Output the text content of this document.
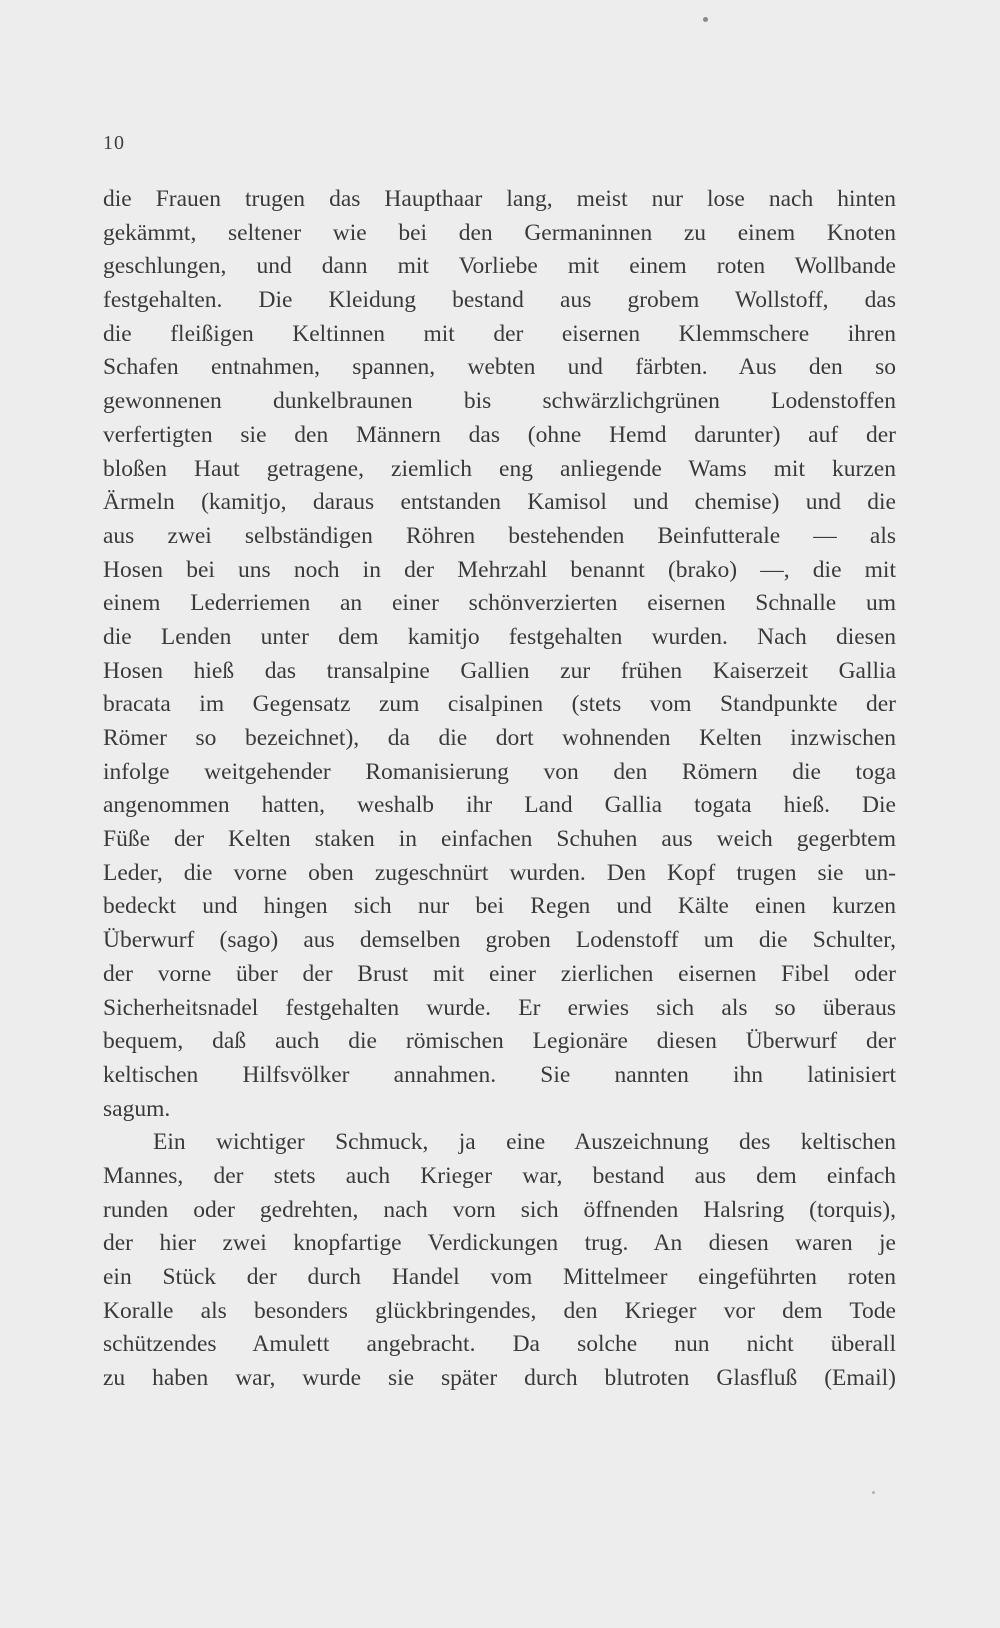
10
die Frauen trugen das Haupthaar lang, meist nur lose nach hinten
gekämmt, seltener wie bei den Germaninnen zu einem Knoten
geschlungen, und dann mit Vorliebe mit einem roten Wollbande
festgehalten. Die Kleidung bestand aus grobem Wollstoff, das
die fleißigen Keltinnen mit der eisernen Klemmschere ihren
Schafen entnahmen, spannen, webten und färbten. Aus den so
gewonnenen dunkelbraunen bis schwärzlichgrünen Lodenstoffen
verfertigten sie den Männern das (ohne Hemd darunter) auf der
bloßen Haut getragene, ziemlich eng anliegende Wams mit kurzen
Ärmeln (kamitjo, daraus entstanden Kamisol und chemise) und die
aus zwei selbständigen Röhren bestehenden Beinfutterale — als
Hosen bei uns noch in der Mehrzahl benannt (brako) —, die mit
einem Lederriemen an einer schönverzierten eisernen Schnalle um
die Lenden unter dem kamitjo festgehalten wurden. Nach diesen
Hosen hieß das transalpine Gallien zur frühen Kaiserzeit Gallia
bracata im Gegensatz zum cisalpinen (stets vom Standpunkte der
Römer so bezeichnet), da die dort wohnenden Kelten inzwischen
infolge weitgehender Romanisierung von den Römern die toga
angenommen hatten, weshalb ihr Land Gallia togata hieß. Die
Füße der Kelten staken in einfachen Schuhen aus weich gegerbtem
Leder, die vorne oben zugeschnürt wurden. Den Kopf trugen sie un-
bedeckt und hingen sich nur bei Regen und Kälte einen kurzen
Überwurf (sago) aus demselben groben Lodenstoff um die Schulter,
der vorne über der Brust mit einer zierlichen eisernen Fibel oder
Sicherheitsnadel festgehalten wurde. Er erwies sich als so überaus
bequem, daß auch die römischen Legionäre diesen Überwurf der
keltischen Hilfsvölker annahmen. Sie nannten ihn latinisiert
sagum.
Ein wichtiger Schmuck, ja eine Auszeichnung des keltischen
Mannes, der stets auch Krieger war, bestand aus dem einfach
runden oder gedrehten, nach vorn sich öffnenden Halsring (torquis),
der hier zwei knopfartige Verdickungen trug. An diesen waren je
ein Stück der durch Handel vom Mittelmeer eingeführten roten
Koralle als besonders glückbringendes, den Krieger vor dem Tode
schützendes Amulett angebracht. Da solche nun nicht überall
zu haben war, wurde sie später durch blutroten Glasfluß (Email)
